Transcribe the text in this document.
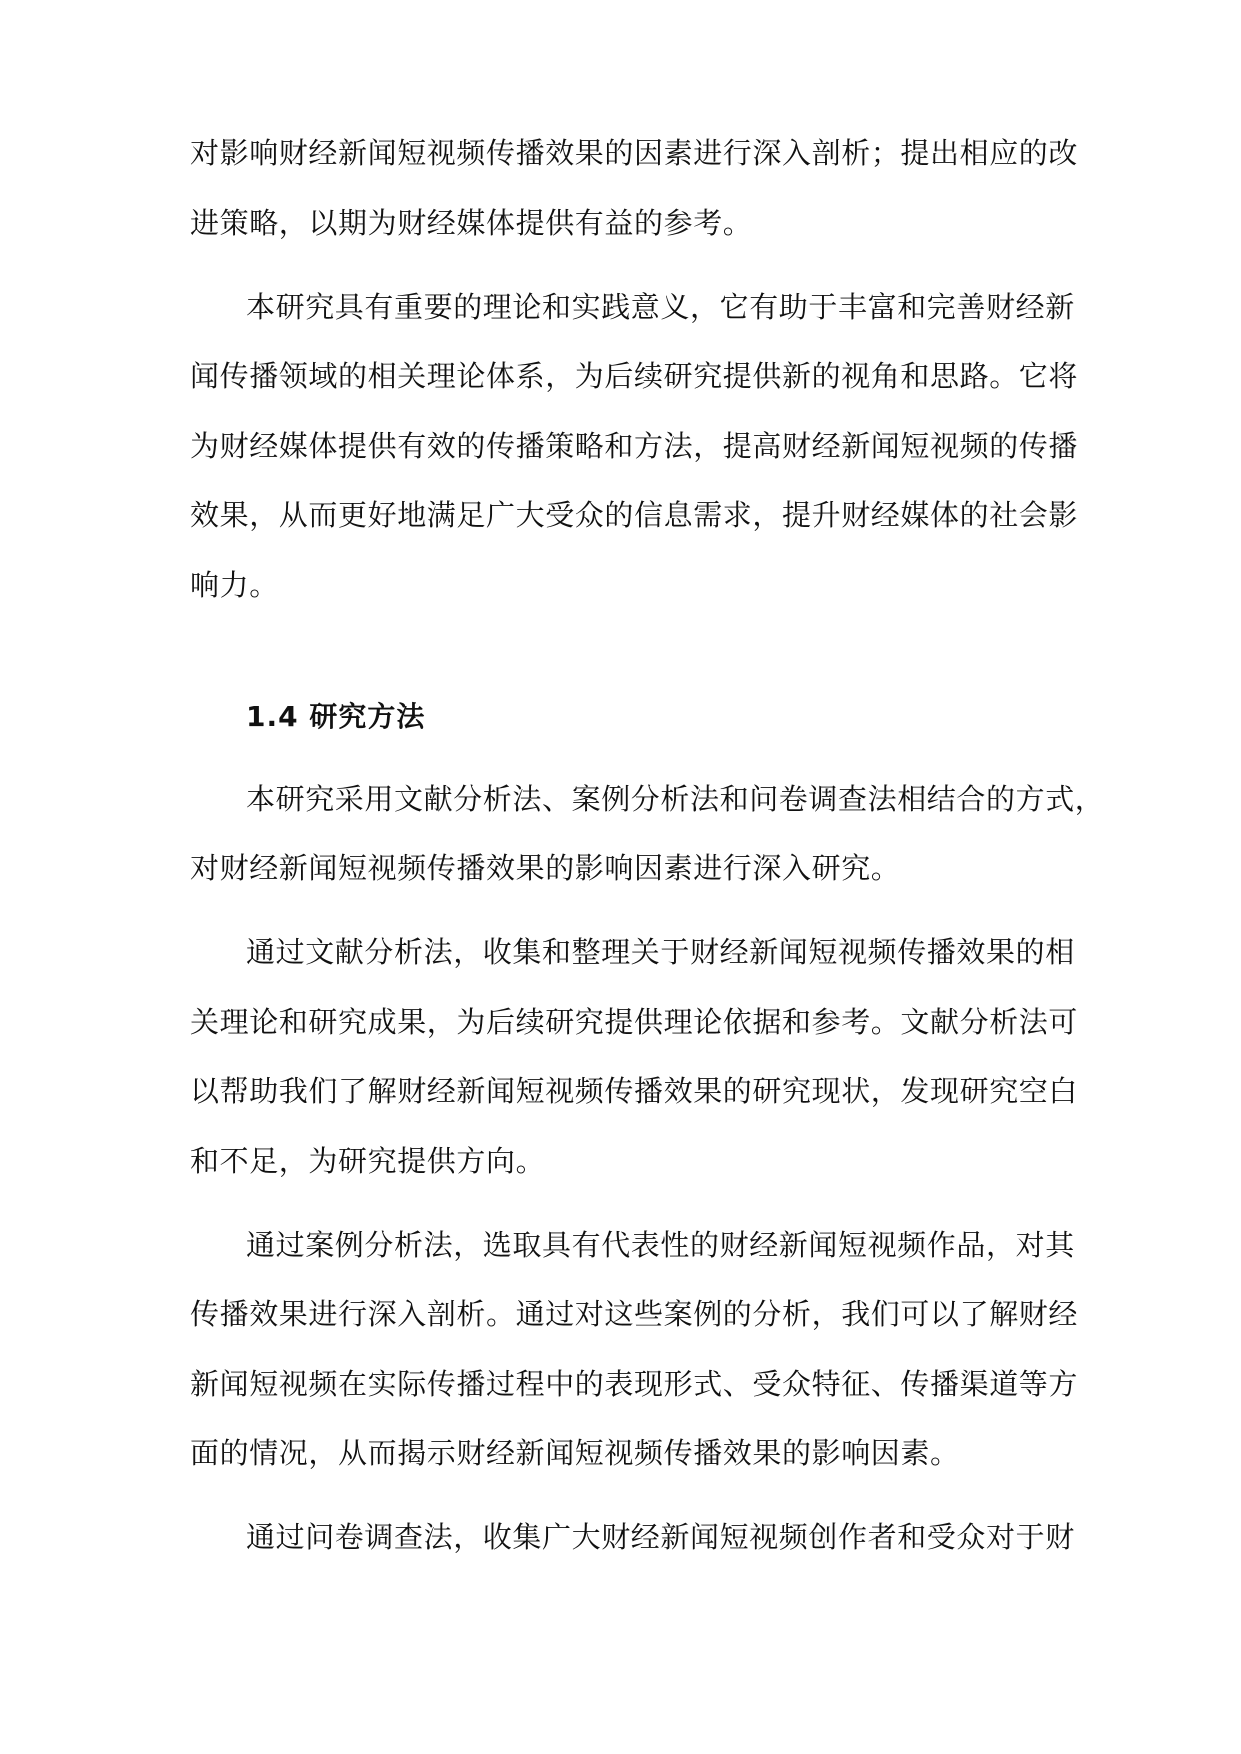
对影响财经新闻短视频传播效果的因素进行深入剖析；提出相应的改
进策略，以期为财经媒体提供有益的参考。
本研究具有重要的理论和实践意义，它有助于丰富和完善财经新
闻传播领域的相关理论体系，为后续研究提供新的视角和思路。它将
为财经媒体提供有效的传播策略和方法，提高财经新闻短视频的传播
效果，从而更好地满足广大受众的信息需求，提升财经媒体的社会影
响力。
1.4 研究方法
本研究采用文献分析法、案例分析法和问卷调查法相结合的方式，
对财经新闻短视频传播效果的影响因素进行深入研究。
通过文献分析法，收集和整理关于财经新闻短视频传播效果的相
关理论和研究成果，为后续研究提供理论依据和参考。文献分析法可
以帮助我们了解财经新闻短视频传播效果的研究现状，发现研究空白
和不足，为研究提供方向。
通过案例分析法，选取具有代表性的财经新闻短视频作品，对其
传播效果进行深入剖析。通过对这些案例的分析，我们可以了解财经
新闻短视频在实际传播过程中的表现形式、受众特征、传播渠道等方
面的情况，从而揭示财经新闻短视频传播效果的影响因素。
通过问卷调查法，收集广大财经新闻短视频创作者和受众对于财
